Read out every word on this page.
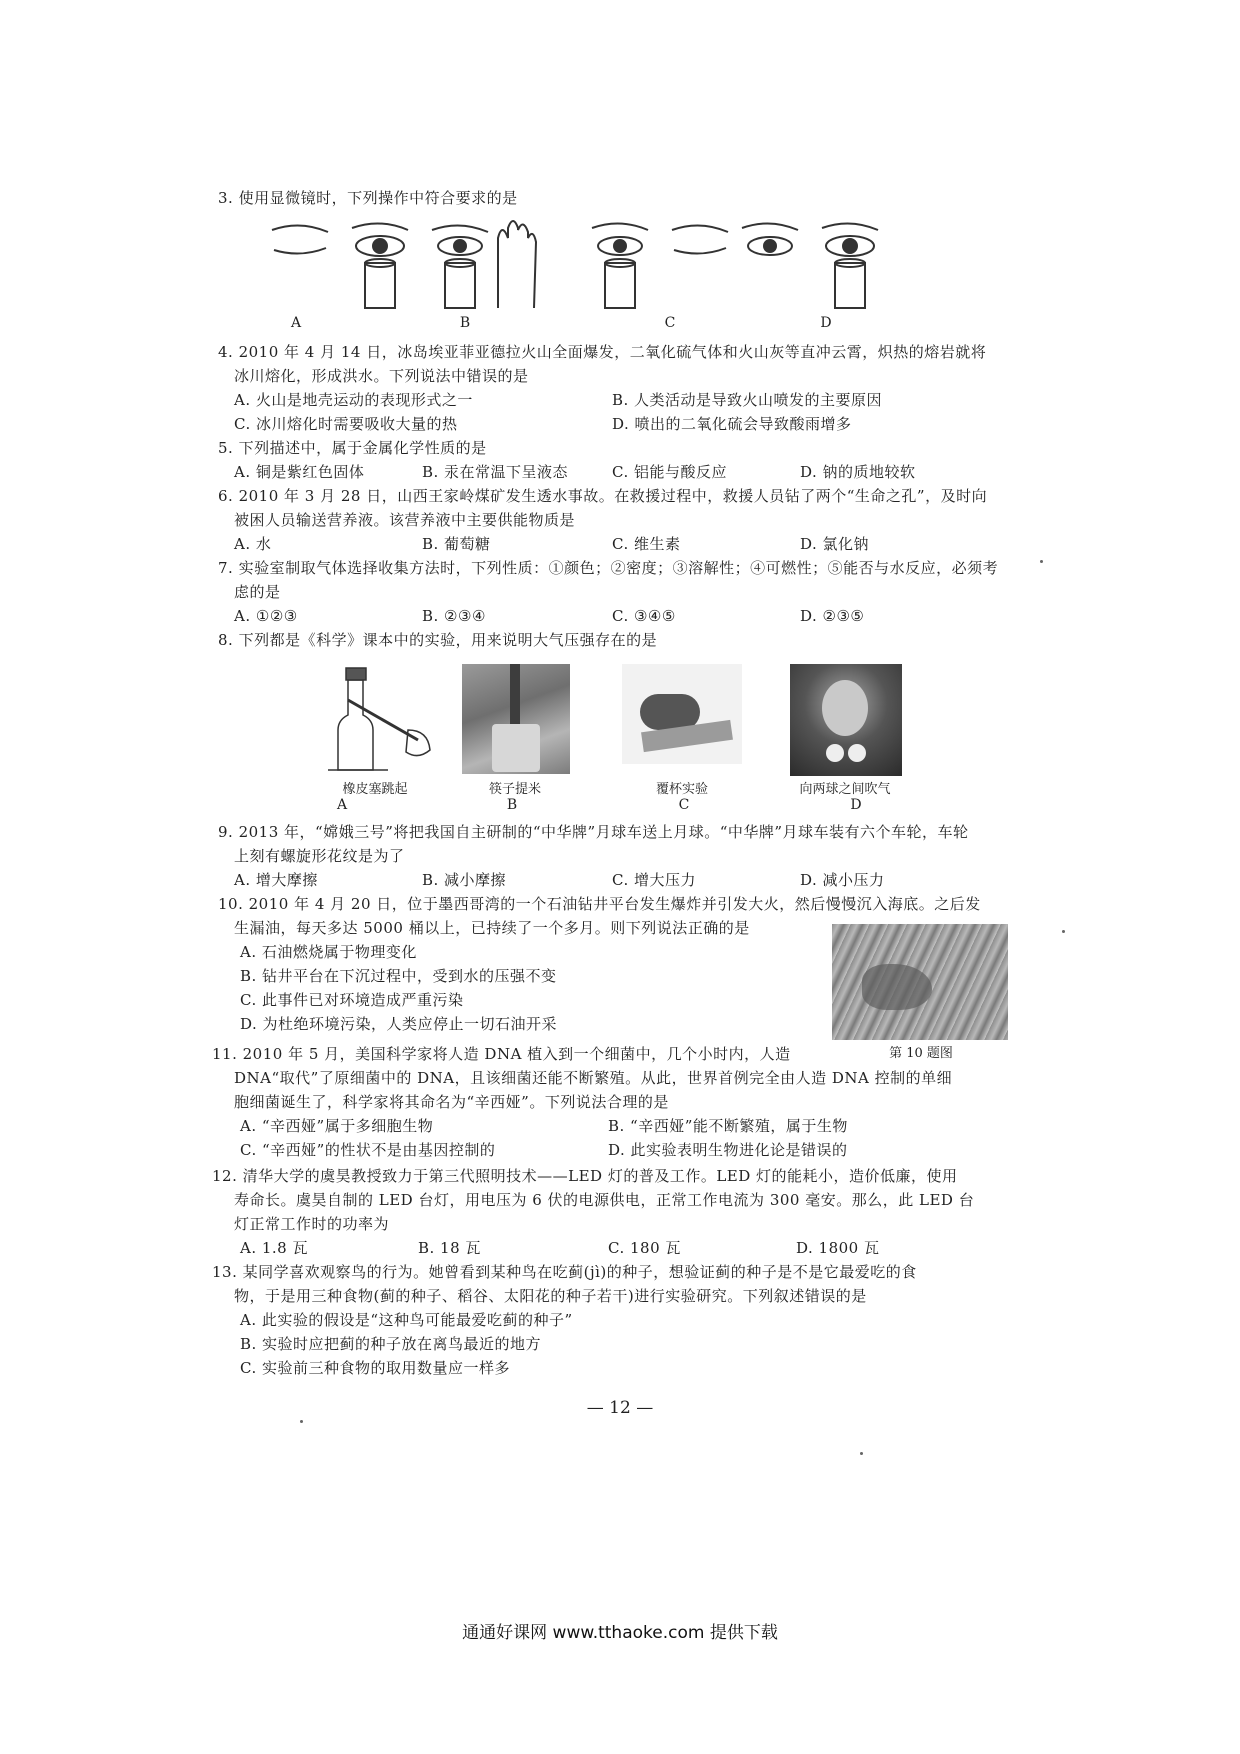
3. 使用显微镜时，下列操作中符合要求的是
A	B	C	D
4. 2010 年 4 月 14 日，冰岛埃亚菲亚德拉火山全面爆发，二氧化硫气体和火山灰等直冲云霄，炽热的熔岩就将
冰川熔化，形成洪水。下列说法中错误的是
A. 火山是地壳运动的表现形式之一	B. 人类活动是导致火山喷发的主要原因
C. 冰川熔化时需要吸收大量的热	D. 喷出的二氧化硫会导致酸雨增多
5. 下列描述中，属于金属化学性质的是
A. 铜是紫红色固体	B. 汞在常温下呈液态	C. 铝能与酸反应	D. 钠的质地较软
6. 2010 年 3 月 28 日，山西王家岭煤矿发生透水事故。在救援过程中，救援人员钻了两个“生命之孔”，及时向
被困人员输送营养液。该营养液中主要供能物质是
A. 水	B. 葡萄糖	C. 维生素	D. 氯化钠
7. 实验室制取气体选择收集方法时，下列性质：①颜色；②密度；③溶解性；④可燃性；⑤能否与水反应，必须考
虑的是
A. ①②③	B. ②③④	C. ③④⑤	D. ②③⑤
8. 下列都是《科学》课本中的实验，用来说明大气压强存在的是
橡皮塞跳起	筷子提米	覆杯实验	向两球之间吹气
A	B	C	D
9. 2013 年，“嫦娥三号”将把我国自主研制的“中华牌”月球车送上月球。“中华牌”月球车装有六个车轮，车轮
上刻有螺旋形花纹是为了
A. 增大摩擦	B. 减小摩擦	C. 增大压力	D. 减小压力
10. 2010 年 4 月 20 日，位于墨西哥湾的一个石油钻井平台发生爆炸并引发大火，然后慢慢沉入海底。之后发
生漏油，每天多达 5000 桶以上，已持续了一个多月。则下列说法正确的是
A. 石油燃烧属于物理变化
B. 钻井平台在下沉过程中，受到水的压强不变
C. 此事件已对环境造成严重污染
D. 为杜绝环境污染，人类应停止一切石油开采
第 10 题图
11. 2010 年 5 月，美国科学家将人造 DNA 植入到一个细菌中，几个小时内，人造
DNA“取代”了原细菌中的 DNA，且该细菌还能不断繁殖。从此，世界首例完全由人造 DNA 控制的单细
胞细菌诞生了，科学家将其命名为“辛西娅”。下列说法合理的是
A. “辛西娅”属于多细胞生物	B. “辛西娅”能不断繁殖，属于生物
C. “辛西娅”的性状不是由基因控制的	D. 此实验表明生物进化论是错误的
12. 清华大学的虞昊教授致力于第三代照明技术——LED 灯的普及工作。LED 灯的能耗小，造价低廉，使用
寿命长。虞昊自制的 LED 台灯，用电压为 6 伏的电源供电，正常工作电流为 300 毫安。那么，此 LED 台
灯正常工作时的功率为
A. 1.8 瓦	B. 18 瓦	C. 180 瓦	D. 1800 瓦
13. 某同学喜欢观察鸟的行为。她曾看到某种鸟在吃蓟(jì)的种子，想验证蓟的种子是不是它最爱吃的食
物，于是用三种食物(蓟的种子、稻谷、太阳花的种子若干)进行实验研究。下列叙述错误的是
A. 此实验的假设是“这种鸟可能最爱吃蓟的种子”
B. 实验时应把蓟的种子放在离鸟最近的地方
C. 实验前三种食物的取用数量应一样多
— 12 —
通通好课网 www.tthaoke.com 提供下载
